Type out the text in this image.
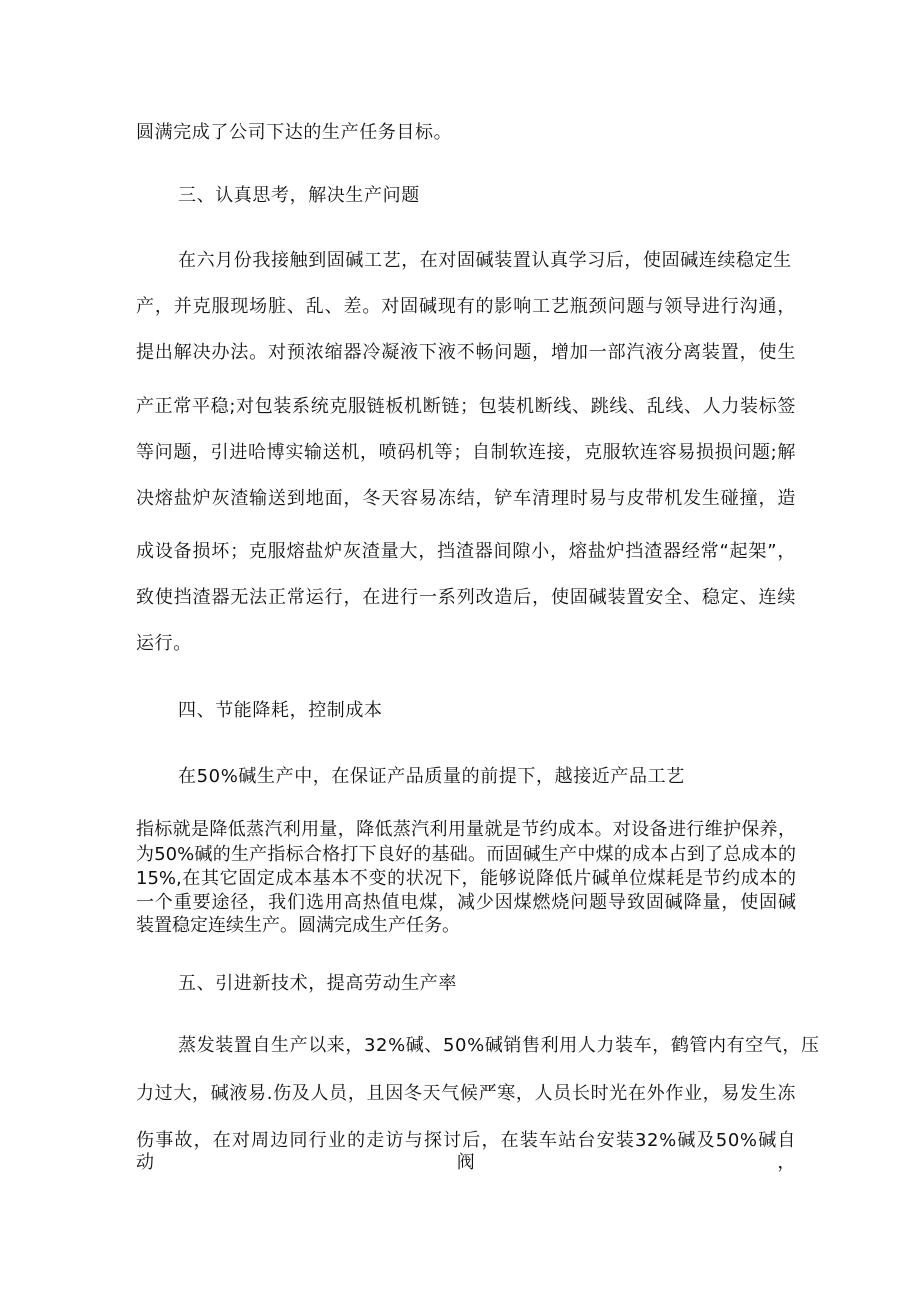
圆满完成了公司下达的生产任务目标。
三、认真思考，解决生产问题
在六月份我接触到固碱工艺，在对固碱装置认真学习后，使固碱连续稳定生
产，并克服现场脏、乱、差。对固碱现有的影响工艺瓶颈问题与领导进行沟通，
提出解决办法。对预浓缩器冷凝液下液不畅问题，增加一部汽液分离装置，使生
产正常平稳;对包装系统克服链板机断链；包装机断线、跳线、乱线、人力装标签
等问题，引进哈博实输送机，喷码机等；自制软连接，克服软连容易损损问题;解
决熔盐炉灰渣输送到地面，冬天容易冻结，铲车清理时易与皮带机发生碰撞，造
成设备损坏；克服熔盐炉灰渣量大，挡渣器间隙小，熔盐炉挡渣器经常“起架”，
致使挡渣器无法正常运行，在进行一系列改造后，使固碱装置安全、稳定、连续
运行。
四、节能降耗，控制成本
在50%碱生产中，在保证产品质量的前提下，越接近产品工艺
指标就是降低蒸汽利用量，降低蒸汽利用量就是节约成本。对设备进行维护保养，
为50%碱的生产指标合格打下良好的基础。而固碱生产中煤的成本占到了总成本的
15%,在其它固定成本基本不变的状况下，能够说降低片碱单位煤耗是节约成本的
一个重要途径，我们选用高热值电煤，减少因煤燃烧问题导致固碱降量，使固碱
装置稳定连续生产。圆满完成生产任务。
五、引进新技术，提高劳动生产率
蒸发装置自生产以来，32%碱、50%碱销售利用人力装车，鹤管内有空气，压
力过大，碱液易.伤及人员，且因冬天气候严寒，人员长时光在外作业，易发生冻
伤事故，在对周边同行业的走访与探讨后，在装车站台安装32%碱及50%碱自动阀，
